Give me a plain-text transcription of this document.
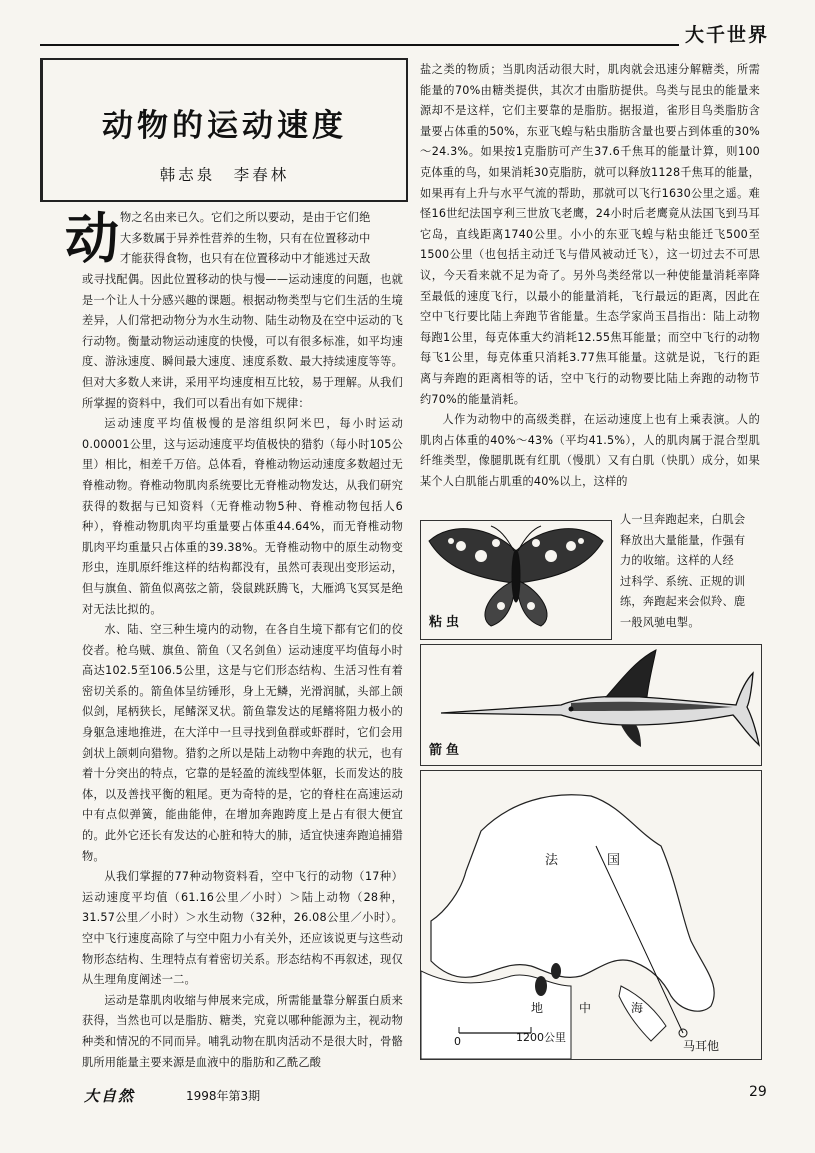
大千世界
动物的运动速度
韩志泉　李春林
动 物之名由来已久。它们之所以要动，是由于它们绝

大多数属于异养性营养的生物，只有在位置移动中

才能获得食物，也只有在位置移动中才能逃过天敌

或寻找配偶。因此位置移动的快与慢——运动速度的问题，也就是一个让人十分感兴趣的课题。根据动物类型与它们生活的生境差异，人们常把动物分为水生动物、陆生动物及在空中运动的飞行动物。衡量动物运动速度的快慢，可以有很多标准，如平均速度、游泳速度、瞬间最大速度、速度系数、最大持续速度等等。但对大多数人来讲，采用平均速度相互比较，易于理解。从我们所掌握的资料中，我们可以看出有如下规律：

运动速度平均值极慢的是溶组织阿米巴，每小时运动0.00001公里，这与运动速度平均值极快的猎豹（每小时105公里）相比，相差千万倍。总体看，脊椎动物运动速度多数超过无脊椎动物。脊椎动物肌肉系统要比无脊椎动物发达，从我们研究获得的数据与已知资料（无脊椎动物5种、脊椎动物包括人6种），脊椎动物肌肉平均重量要占体重44.64%，而无脊椎动物肌肉平均重量只占体重的39.38%。无脊椎动物中的原生动物变形虫，连肌原纤维这样的结构都没有，虽然可表现出变形运动，但与旗鱼、箭鱼似离弦之箭，袋鼠跳跃腾飞，大雁鸿飞冥冥是绝对无法比拟的。

水、陆、空三种生境内的动物，在各自生境下都有它们的佼佼者。枪乌贼、旗鱼、箭鱼（又名剑鱼）运动速度平均值每小时高达102.5至106.5公里，这是与它们形态结构、生活习性有着密切关系的。箭鱼体呈纺锤形，身上无鳞，光滑润腻，头部上颌似剑，尾柄狭长，尾鳍深叉状。箭鱼靠发达的尾鳍将阻力极小的身躯急速地推进，在大洋中一旦寻找到鱼群或虾群时，它们会用剑状上颌刺向猎物。猎豹之所以是陆上动物中奔跑的状元，也有着十分突出的特点，它靠的是轻盈的流线型体躯，长而发达的肢体，以及善找平衡的粗尾。更为奇特的是，它的脊柱在高速运动中有点似弹簧，能曲能伸，在增加奔跑跨度上是占有很大便宜的。此外它还长有发达的心脏和特大的肺，适宜快速奔跑追捕猎物。

从我们掌握的77种动物资料看，空中飞行的动物（17种）运动速度平均值（61.16公里／小时）＞陆上动物（28种，31.57公里／小时）＞水生动物（32种，26.08公里／小时）。空中飞行速度高除了与空中阻力小有关外，还应该说更与这些动物形态结构、生理特点有着密切关系。形态结构不再叙述，现仅从生理角度阐述一二。

运动是靠肌肉收缩与伸展来完成，所需能量靠分解蛋白质来获得，当然也可以是脂肪、糖类，究竟以哪种能源为主，视动物种类和情况的不同而异。哺乳动物在肌肉活动不是很大时，骨骼肌所用能量主要来源是血液中的脂肪和乙酰乙酸

盐之类的物质；当肌肉活动很大时，肌肉就会迅速分解糖类，所需能量的70%由糖类提供，其次才由脂肪提供。鸟类与昆虫的能量来源却不是这样，它们主要靠的是脂肪。据报道，雀形目鸟类脂肪含量要占体重的50%，东亚飞蝗与粘虫脂肪含量也要占到体重的30%～24.3%。如果按1克脂肪可产生37.6千焦耳的能量计算，则100克体重的鸟，如果消耗30克脂肪，就可以释放1128千焦耳的能量，如果再有上升与水平气流的帮助，那就可以飞行1630公里之遥。难怪16世纪法国亨利三世放飞老鹰，24小时后老鹰竟从法国飞到马耳它岛，直线距离1740公里。小小的东亚飞蝗与粘虫能迁飞500至1500公里（也包括主动迁飞与借风被动迁飞），这一切过去不可思议，今天看来就不足为奇了。另外鸟类经常以一种使能量消耗率降至最低的速度飞行，以最小的能量消耗，飞行最远的距离，因此在空中飞行要比陆上奔跑节省能量。生态学家尚玉昌指出：陆上动物每跑1公里，每克体重大约消耗12.55焦耳能量；而空中飞行的动物每飞1公里，每克体重只消耗3.77焦耳能量。这就是说，飞行的距离与奔跑的距离相等的话，空中飞行的动物要比陆上奔跑的动物节约70%的能量消耗。

人作为动物中的高级类群，在运动速度上也有上乘表演。人的肌肉占体重的40%～43%（平均41.5%），人的肌肉属于混合型肌纤维类型，像腿肌既有红肌（慢肌）又有白肌（快肌）成分，如果某个人白肌能占肌重的40%以上，这样的

人一旦奔跑起来，白肌会

释放出大量能量，作强有

力的收缩。这样的人经

过科学、系统、正规的训

练，奔跑起来会似羚、鹿

一般风驰电掣。

粘虫
箭鱼
法	国
地	中	海
0	1200公里
马耳他
大自然	1998年第3期	29
